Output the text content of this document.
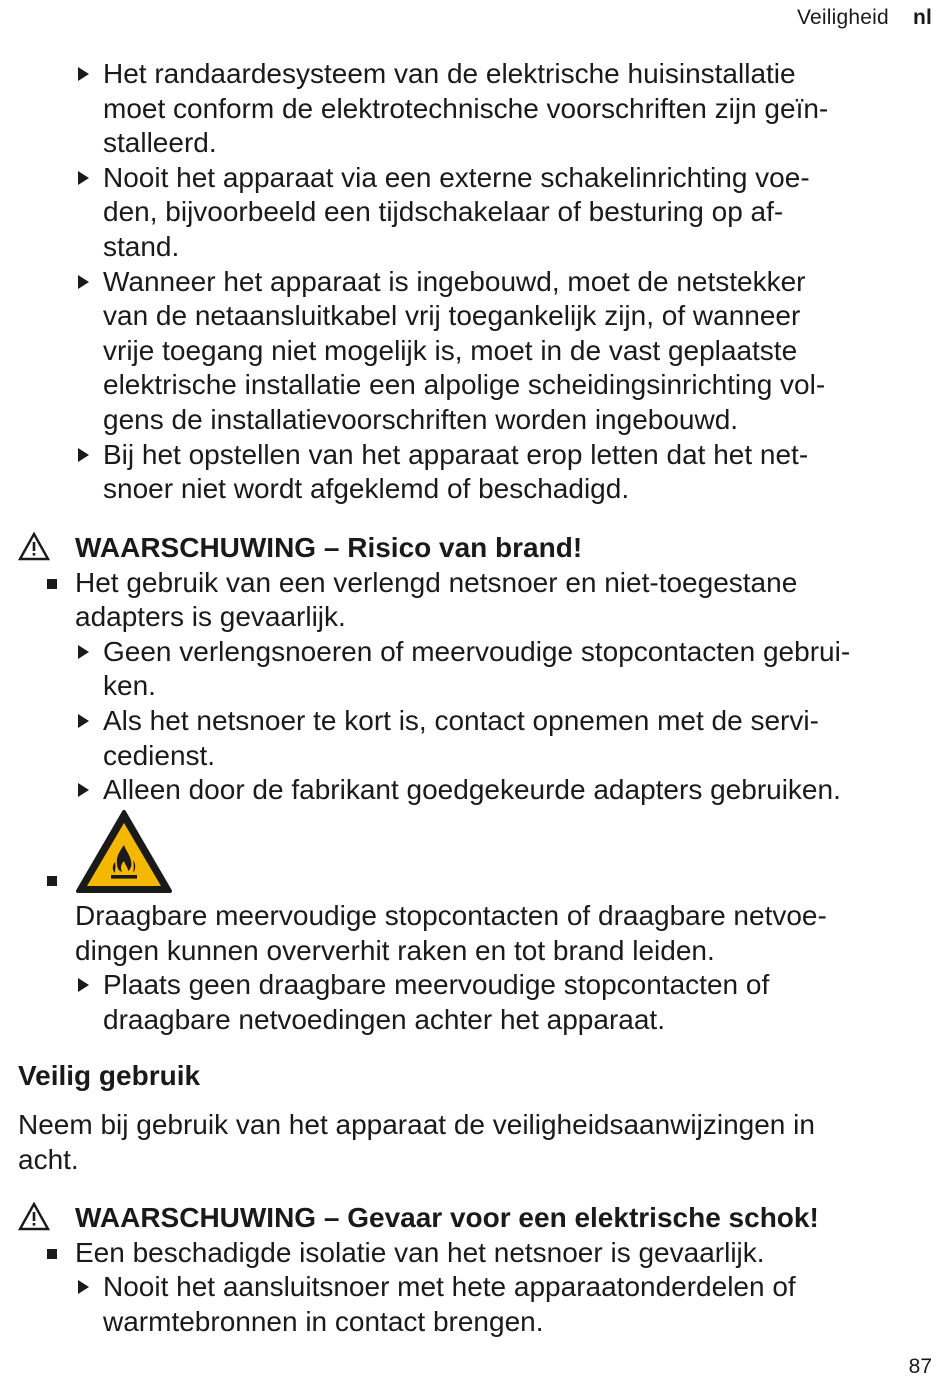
Veiligheid nl
Het randaardesysteem van de elektrische huisinstallatie
moet conform de elektrotechnische voorschriften zijn geïn-
stalleerd.
Nooit het apparaat via een externe schakelinrichting voe-
den, bijvoorbeeld een tijdschakelaar of besturing op af-
stand.
Wanneer het apparaat is ingebouwd, moet de netstekker
van de netaansluitkabel vrij toegankelijk zijn, of wanneer
vrije toegang niet mogelijk is, moet in de vast geplaatste
elektrische installatie een alpolige scheidingsinrichting vol-
gens de installatievoorschriften worden ingebouwd.
Bij het opstellen van het apparaat erop letten dat het net-
snoer niet wordt afgeklemd of beschadigd.
WAARSCHUWING – Risico van brand!
Het gebruik van een verlengd netsnoer en niet-toegestane
adapters is gevaarlijk.
Geen verlengsnoeren of meervoudige stopcontacten gebrui-
ken.
Als het netsnoer te kort is, contact opnemen met de servi-
cedienst.
Alleen door de fabrikant goedgekeurde adapters gebruiken.
Draagbare meervoudige stopcontacten of draagbare netvoe-
dingen kunnen oververhit raken en tot brand leiden.
Plaats geen draagbare meervoudige stopcontacten of
draagbare netvoedingen achter het apparaat.
Veilig gebruik
Neem bij gebruik van het apparaat de veiligheidsaanwijzingen in
acht.
WAARSCHUWING – Gevaar voor een elektrische schok!
Een beschadigde isolatie van het netsnoer is gevaarlijk.
Nooit het aansluitsnoer met hete apparaatonderdelen of
warmtebronnen in contact brengen.
87
